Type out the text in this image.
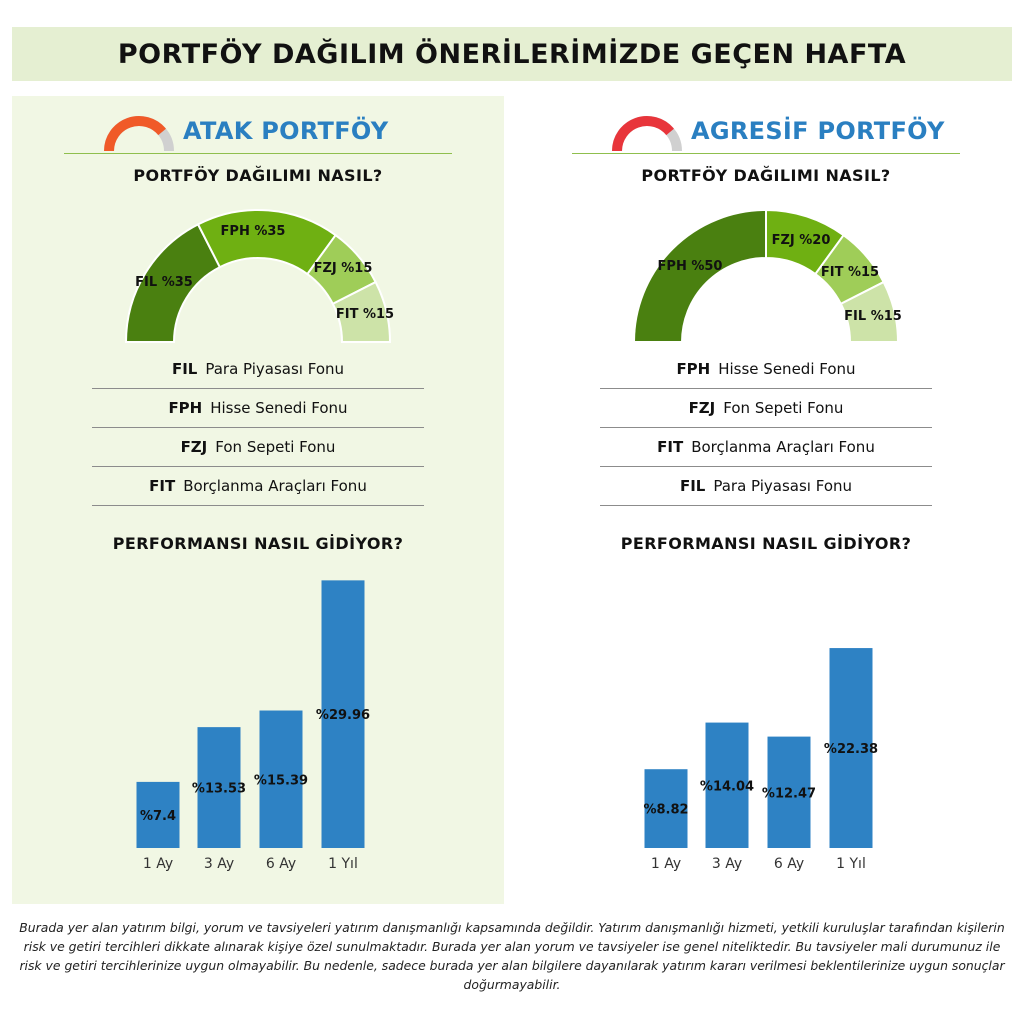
PORTFÖY DAĞILIM ÖNERİLERİMİZDE GEÇEN HAFTA
ATAK PORTFÖY
PORTFÖY DAĞILIMI NASIL?
FIL %35
FPH %35
FZJ %15
FIT %15
FIL Para Piyasası Fonu
FPH Hisse Senedi Fonu
FZJ Fon Sepeti Fonu
FIT Borçlanma Araçları Fonu
PERFORMANSI NASIL GİDİYOR?
%7.4
1 Ay
%13.53
3 Ay
%15.39
6 Ay
%29.96
1 Yıl
AGRESİF PORTFÖY
PORTFÖY DAĞILIMI NASIL?
FPH %50
FZJ %20
FIT %15
FIL %15
FPH Hisse Senedi Fonu
FZJ Fon Sepeti Fonu
FIT Borçlanma Araçları Fonu
FIL Para Piyasası Fonu
PERFORMANSI NASIL GİDİYOR?
%8.82
1 Ay
%14.04
3 Ay
%12.47
6 Ay
%22.38
1 Yıl
Burada yer alan yatırım bilgi, yorum ve tavsiyeleri yatırım danışmanlığı kapsamında değildir. Yatırım danışmanlığı hizmeti, yetkili kuruluşlar tarafından kişilerin risk ve getiri tercihleri dikkate alınarak kişiye özel sunulmaktadır. Burada yer alan yorum ve tavsiyeler ise genel niteliktedir. Bu tavsiyeler mali durumunuz ile risk ve getiri tercihlerinize uygun olmayabilir. Bu nedenle, sadece burada yer alan bilgilere dayanılarak yatırım kararı verilmesi beklentilerinize uygun sonuçlar doğurmayabilir.
